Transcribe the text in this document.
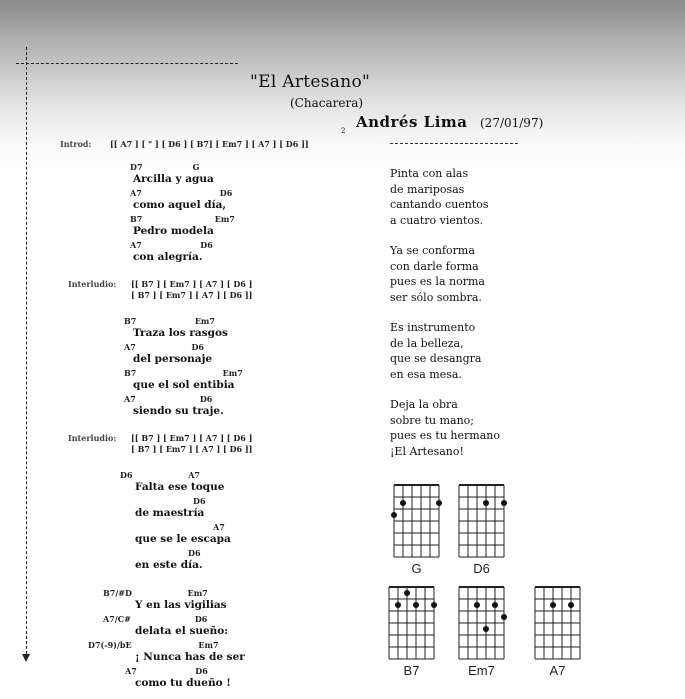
"El Artesano"
(Chacarera)
Andrés Lima (27/01/97)
2
Introd: [[ A7 ] [ " ] [ D6 ] [ B7] [ Em7 ] [ A7 ] [ D6 ]]
D7                  G
Arcilla y agua
A7                            D6
como aquel día,
B7                          Em7
Pedro modela
A7                     D6
con alegría.
Interludio: [[ B7 ] [ Em7 ] [ A7 ] [ D6 ]
[ B7 ] [ Em7 ] [ A7 ] [ D6 ]]
B7                     Em7
Traza los rasgos
A7                    D6
del personaje
B7                               Em7
que el sol entibia
A7                       D6
siendo su traje.
Interludio: [[ B7 ] [ Em7 ] [ A7 ] [ D6 ]
[ B7 ] [ Em7 ] [ A7 ] [ D6 ]]
D6                    A7
Falta ese toque
D6
de maestría
A7
que se le escapa
D6
en este día.
B7/#D                    Em7
Y en las vigilias
A7/C#                       D6
delata el sueño:
D7(-9)/bE                        Em7
¡ Nunca has de ser
A7                     D6
como tu dueño !
Pinta con alas
de mariposas
cantando cuentos
a cuatro vientos.
Ya se conforma
con darle forma
pues es la norma
ser sólo sombra.
Es instrumento
de la belleza,
que se desangra
en esa mesa.
Deja la obra
sobre tu mano;
pues es tu hermano
¡El Artesano!
G	D6
B7	Em7	A7
